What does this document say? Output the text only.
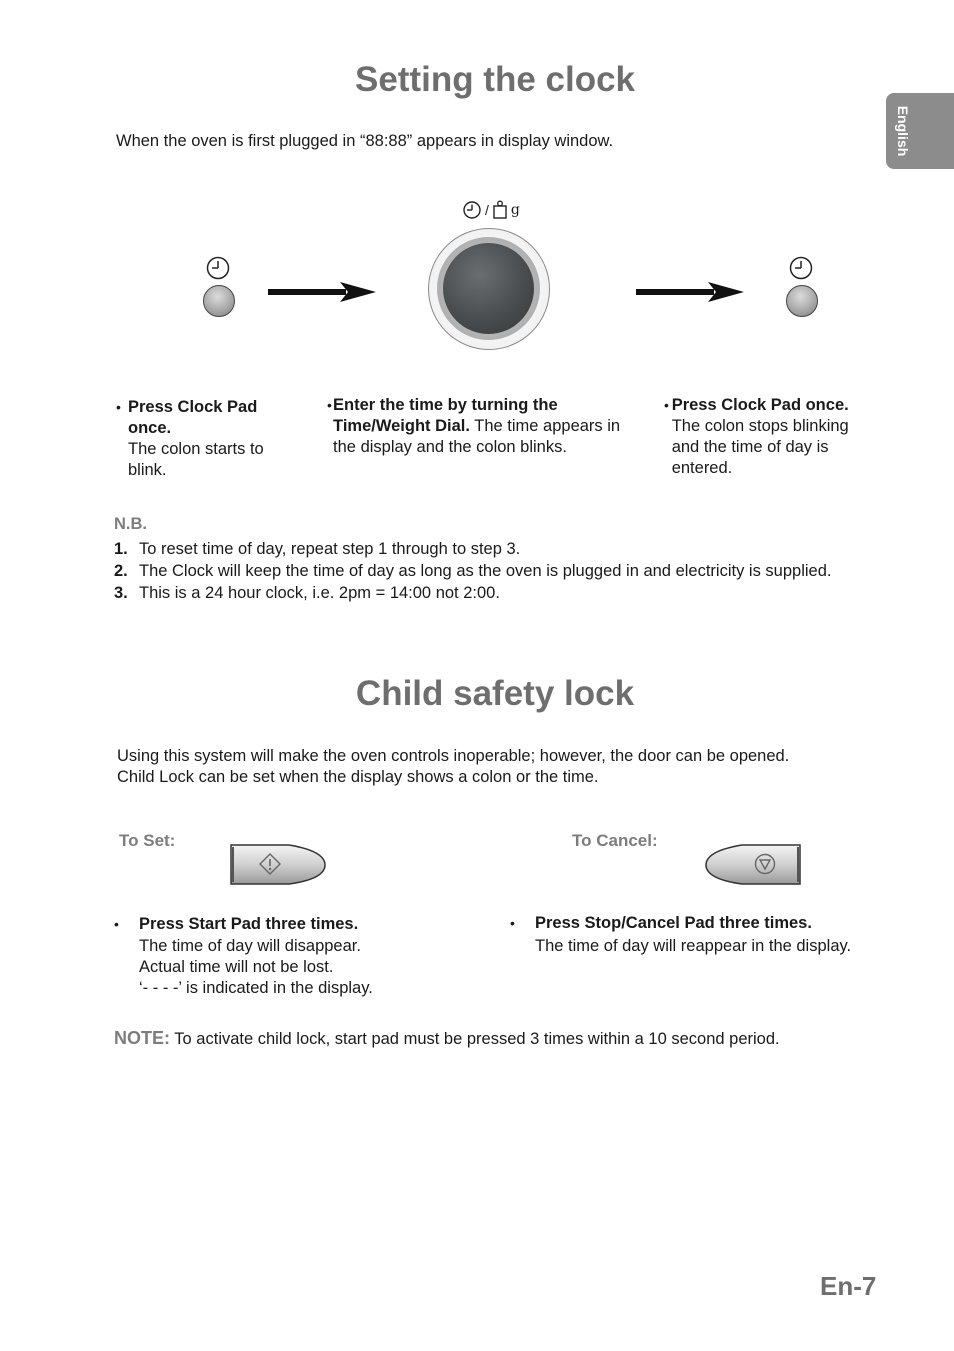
English
Setting the clock
When the oven is first plugged in “88:88” appears in display window.
/ g
• Press Clock Pad once.
The colon starts to blink.
• Enter the time by turning the Time/Weight Dial. The time appears in the display and the colon blinks.
• Press Clock Pad once.
The colon stops blinking and the time of day is entered.
N.B.
1. To reset time of day, repeat step 1 through to step 3.
2. The Clock will keep the time of day as long as the oven is plugged in and electricity is supplied.
3. This is a 24 hour clock, i.e. 2pm = 14:00 not 2:00.
Child safety lock
Using this system will make the oven controls inoperable; however, the door can be opened.
Child Lock can be set when the display shows a colon or the time.
To Set:	To Cancel:
•	Press Start Pad three times.
The time of day will disappear.
Actual time will not be lost.
‘- - - -’ is indicated in the display.
•	Press Stop/Cancel Pad three times.
The time of day will reappear in the display.
NOTE: To activate child lock, start pad must be pressed 3 times within a 10 second period.
En-7
